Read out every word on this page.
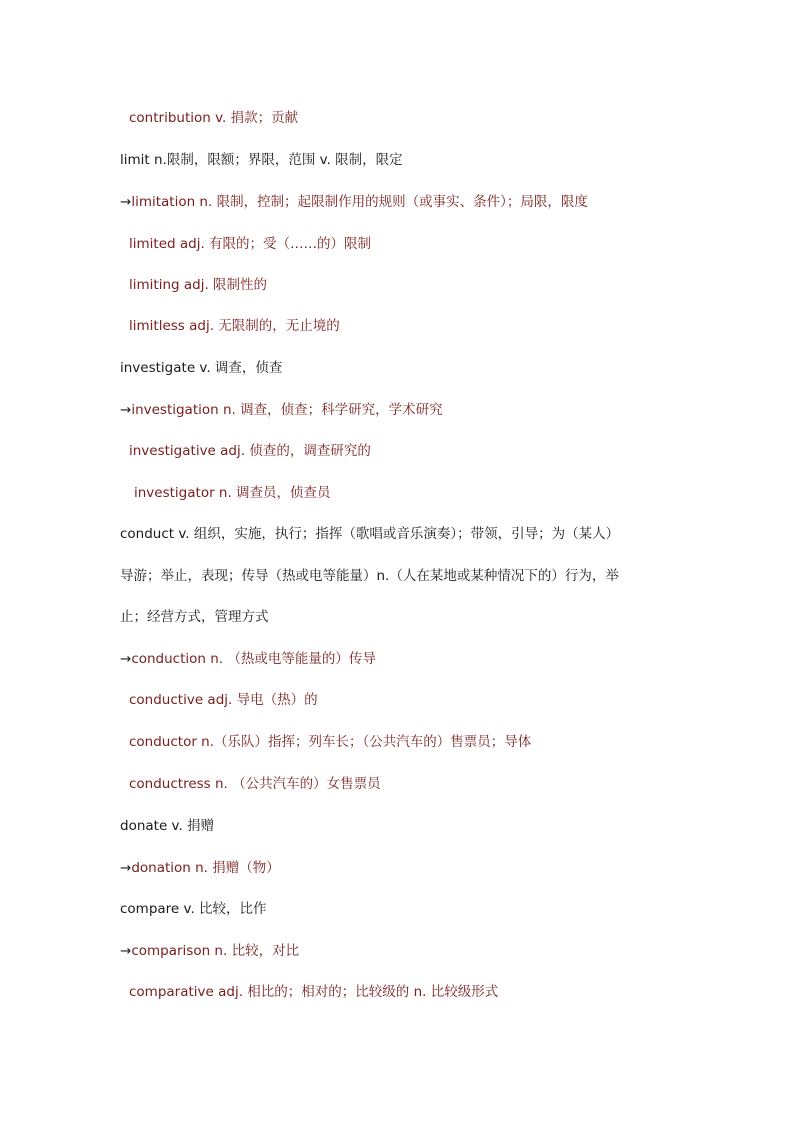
contribution v. 捐款；贡献
limit n.限制，限额；界限，范围 v. 限制，限定
→limitation n. 限制，控制；起限制作用的规则（或事实、条件）；局限，限度
limited adj. 有限的；受（……的）限制
limiting adj. 限制性的
limitless adj. 无限制的，无止境的
investigate v. 调查，侦查
→investigation n. 调查，侦查；科学研究，学术研究
investigative adj. 侦查的，调查研究的
investigator n. 调查员，侦查员
conduct v. 组织，实施，执行；指挥（歌唱或音乐演奏）；带领，引导；为（某人）
导游；举止，表现；传导（热或电等能量）n.（人在某地或某种情况下的）行为，举
止；经营方式，管理方式
→conduction n. （热或电等能量的）传导
conductive adj. 导电（热）的
conductor n.（乐队）指挥；列车长；（公共汽车的）售票员；导体
conductress n. （公共汽车的）女售票员
donate v. 捐赠
→donation n. 捐赠（物）
compare v. 比较，比作
→comparison n. 比较，对比
comparative adj. 相比的；相对的；比较级的 n. 比较级形式
